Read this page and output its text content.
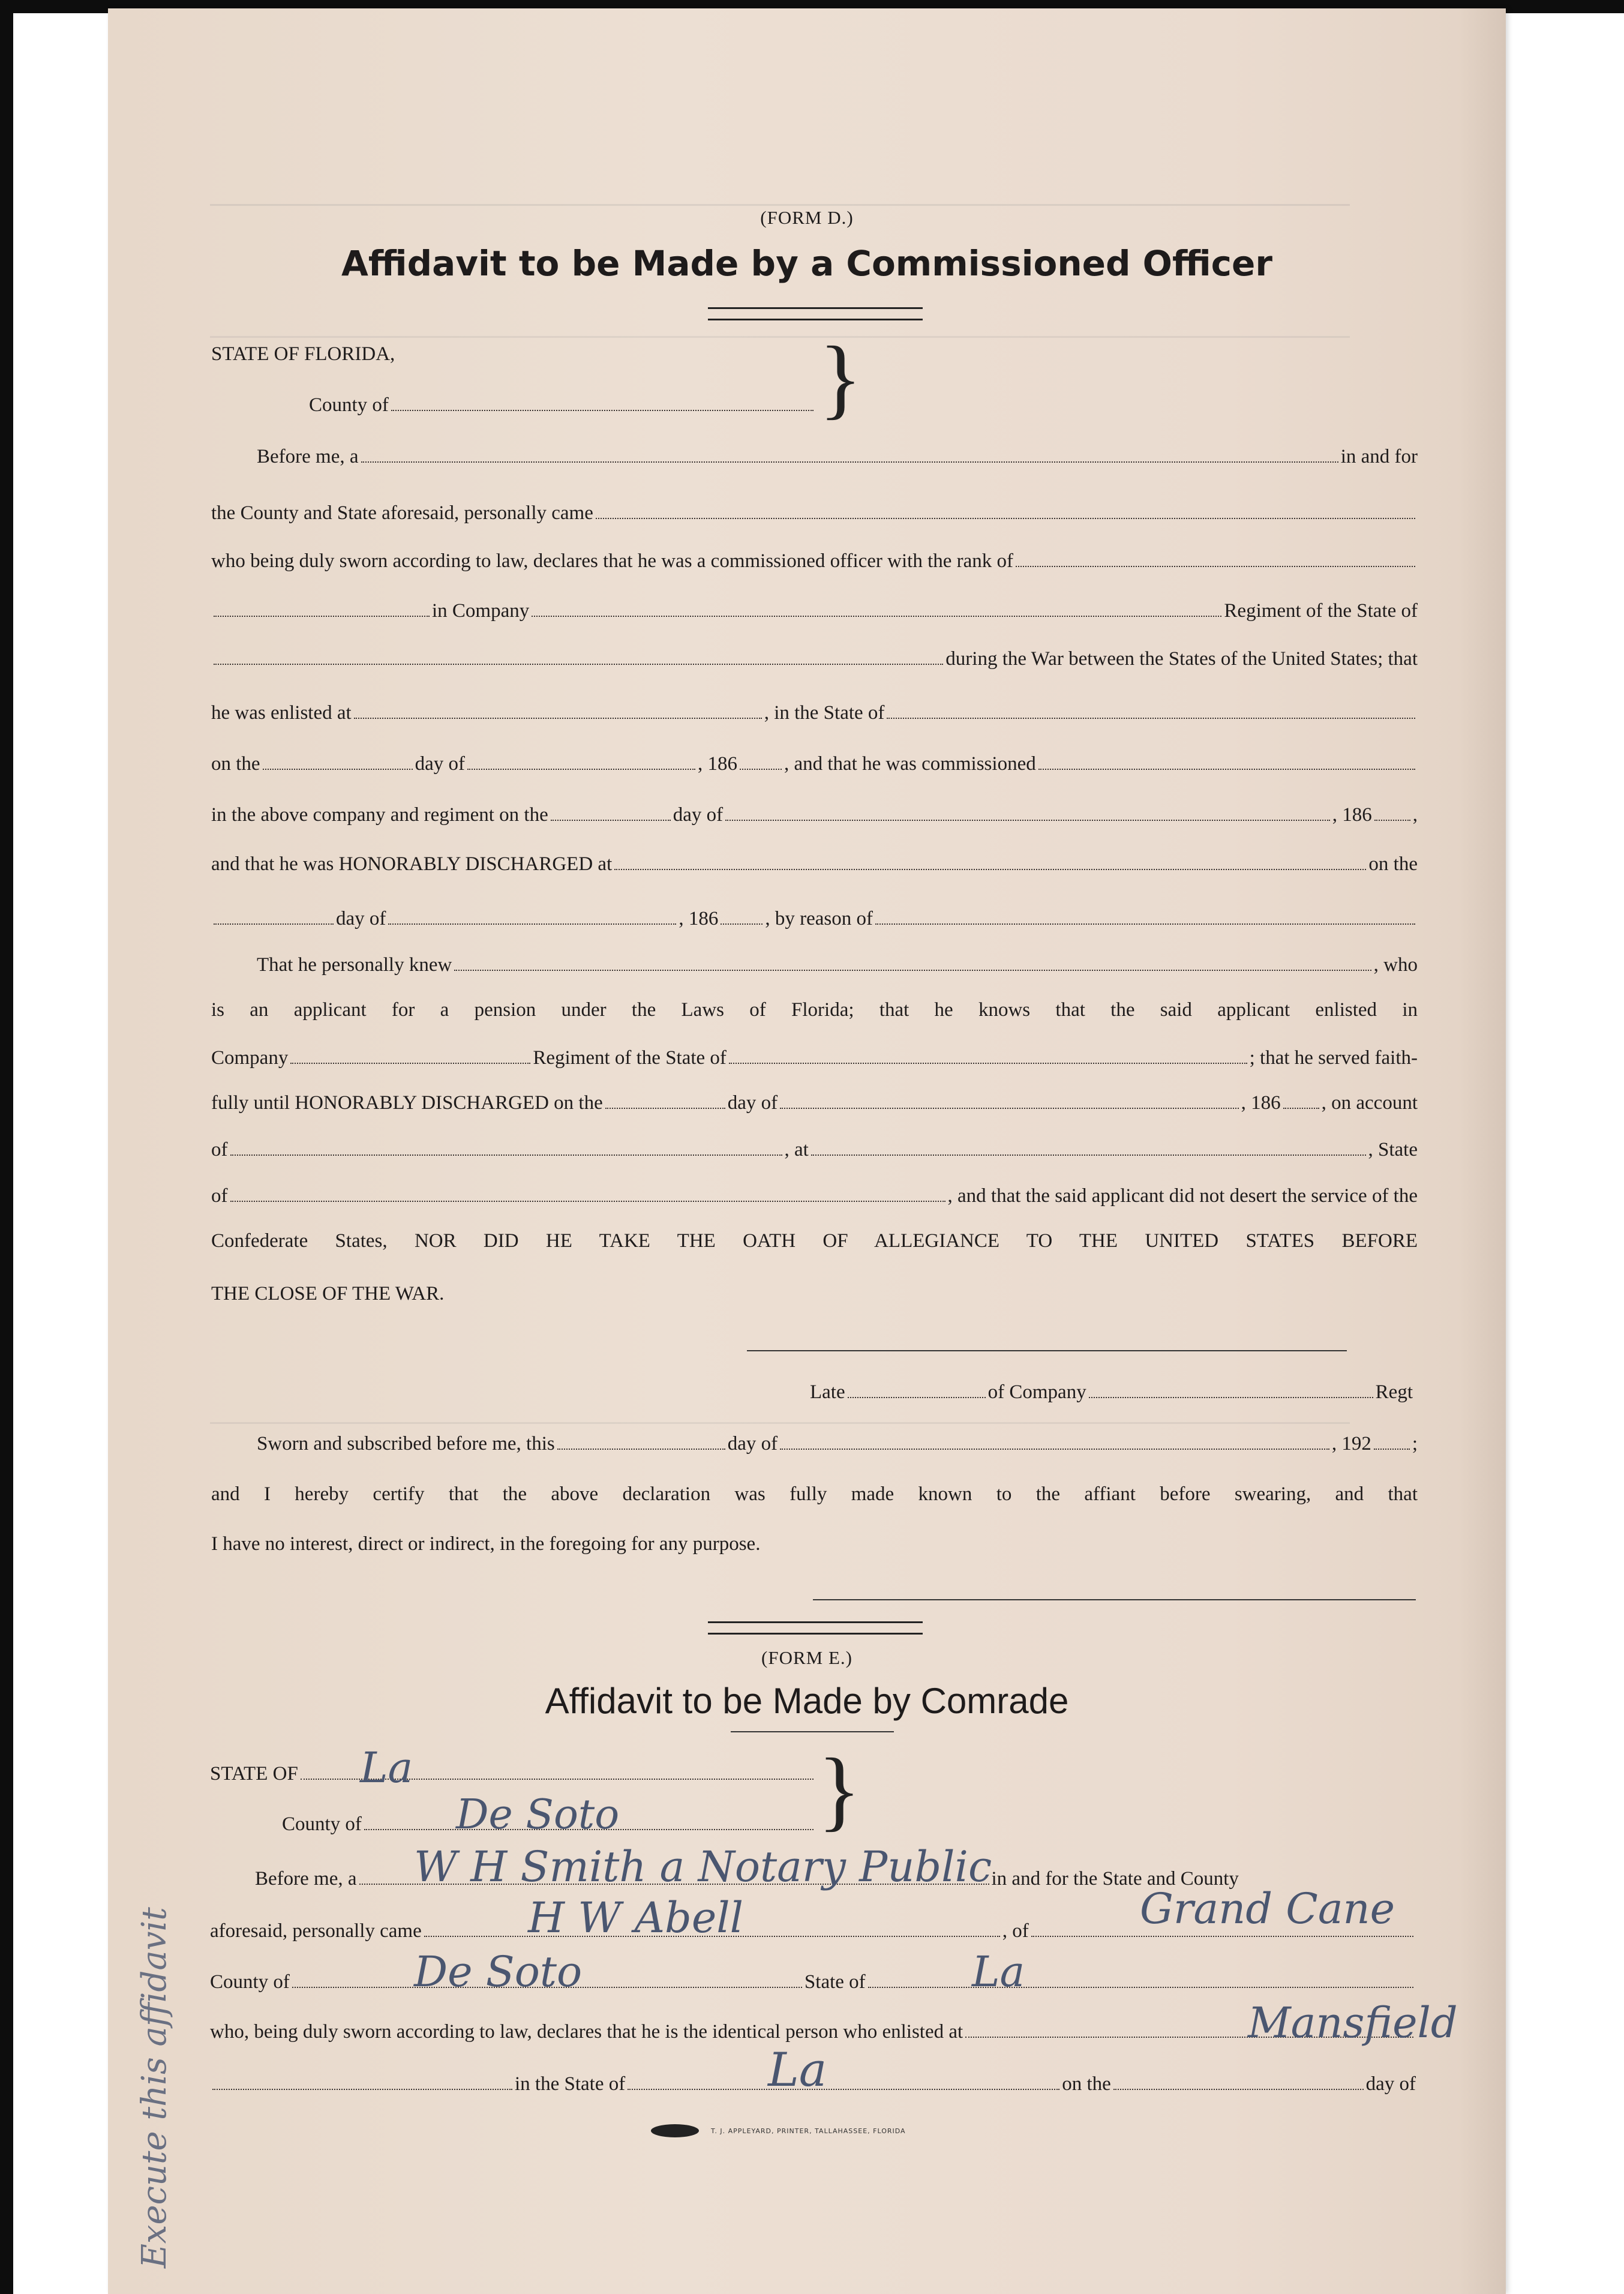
(FORM D.)
Affidavit to be Made by a Commissioned Officer
STATE OF FLORIDA,
County of	}
Before me, a	in and for
the County and State aforesaid, personally came
who being duly sworn according to law, declares that he was a commissioned officer with the rank of
in Company	Regiment of the State of
during the War between the States of the United States; that
he was enlisted at	, in the State of
on the	day of	, 186 , and that he was commissioned
in the above company and regiment on the	day of	, 186 ,
and that he was HONORABLY DISCHARGED at	on the
day of	, 186 , by reason of
That he personally knew	, who
is an applicant for a pension under the Laws of Florida; that he knows that the said applicant enlisted in
Company	Regiment of the State of	; that he served faith-
fully until HONORABLY DISCHARGED on the	day of	, 186 , on account
of	, at	, State
of	, and that the said applicant did not desert the service of the
Confederate States, NOR DID HE TAKE THE OATH OF ALLEGIANCE TO THE UNITED STATES BEFORE
THE CLOSE OF THE WAR.
Late	of Company	Regt
Sworn and subscribed before me, this	day of	, 192 ;
and I hereby certify that the above declaration was fully made known to the affiant before swearing, and that
I have no interest, direct or indirect, in the foregoing for any purpose.
(FORM E.)
Affidavit to be Made by Comrade
STATE OF
County of	}
Before me, a	in and for the State and County
aforesaid, personally came	, of
County of	State of
who, being duly sworn according to law, declares that he is the identical person who enlisted at
in the State of	on the	day of
La
De Soto
W H Smith a Notary Public
H W Abell	Grand Cane
De Soto	La
Mansfield
La
Execute this affidavit	T. J. APPLEYARD, PRINTER, TALLAHASSEE, FLORIDA
